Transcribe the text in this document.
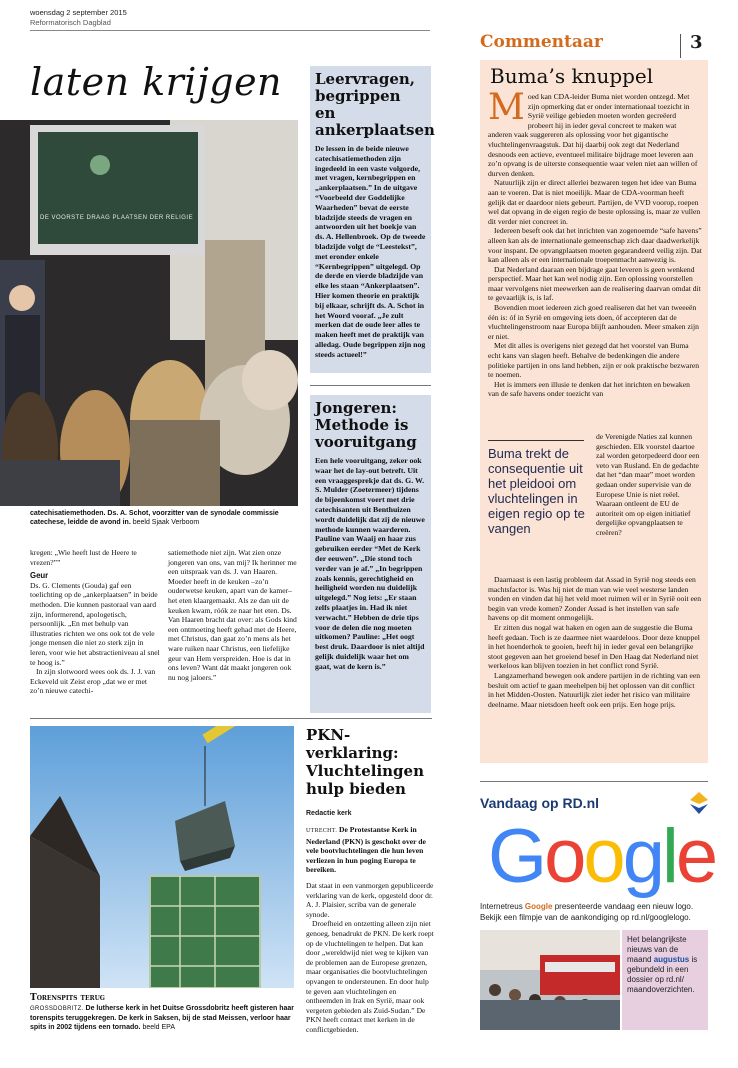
woensdag 2 september 2015
Reformatorisch Dagblad
laten krijgen
DE VOORSTE DRAAG PLAATSEN DER RELIGIE
catechisatiemethoden. Ds. A. Schot, voorzitter van de synodale commissie catechese, leidde de avond in. beeld Sjaak Verboom

kregen: „Wie heeft lust de Heere te vrezen?””

Geur

Ds. G. Clements (Gouda) gaf een toelichting op de „ankerplaatsen” in beide methoden. Die kunnen pastoraal van aard zijn, informerend, apologetisch, persoonlijk. „En met behulp van illustraties richten we ons ook tot de vele jonge mensen die niet zo sterk zijn in leren, voor wie het abstractieniveau al snel te hoog is.”

In zijn slotwoord wees ook ds. J. J. van Eckeveld uit Zeist erop „dat we er met zo’n nieuwe catechi-

satiemethode niet zijn. Wat zien onze jongeren van ons, van mij? Ik herinner me een uitspraak van ds. J. van Haaren. Moeder heeft in de keuken –zo’n ouderwetse keuken, apart van de kamer– het eten klaargemaakt. Als ze dan uit de keuken kwam, róók ze naar het eten. Ds. Van Haaren bracht dat over: als Gods kind een ontmoeting heeft gehad met de Heere, met Christus, dan gaat zo’n mens als het ware ruiken naar Christus, een liefelijke geur van Hem verspreiden. Hoe is dat in ons leven? Want dát maakt jongeren ook nu nog jaloers.”

Leervragen, begrippen en ankerplaatsen
De lessen in de beide nieuwe catechisatiemethoden zijn ingedeeld in een vaste volgorde, met vragen, kernbegrippen en „ankerplaatsen.” In de uitgave “Voorbeeld der Goddelijke Waarheden” bevat de eerste bladzijde steeds de vragen en antwoorden uit het boekje van ds. A. Hellenbroek. Op de tweede bladzijde volgt de “Leestekst”, met eronder enkele “Kernbegrippen” uitgelegd. Op de derde en vierde bladzijde van elke les staan “Ankerplaatsen”. Hier komen theorie en praktijk bij elkaar, schrijft ds. A. Schot in het Woord vooraf. „Je zult merken dat de oude leer alles te maken heeft met de praktijk van alledag. Oude begrippen zijn nog steeds actueel!”
Jongeren: Methode is vooruitgang
Een hele vooruitgang, zeker ook waar het de lay-out betreft. Uit een vraaggesprekje dat ds. G. W. S. Mulder (Zoetermeer) tijdens de bijeenkomst voert met drie catechisanten uit Benthuizen wordt duidelijk dat zij de nieuwe methode kunnen waarderen. Pauline van Waaij en haar zus gebruiken eerder “Met de Kerk der eeuwen”. „Die stond toch verder van je af.” „In begrippen zoals kennis, gerechtigheid en heiligheid worden nu duidelijk uitgelegd.” Nog iets: „Er staan zelfs plaatjes in. Had ik niet verwacht.” Hebben de drie tips voor de delen die nog moeten uitkomen? Pauline: „Het oogt best druk. Daardoor is niet altijd gelijk duidelijk waar het om gaat, wat de kern is.”
Torenspits terug
GROSSDOBRITZ. De lutherse kerk in het Duitse Grossdobritz heeft gisteren haar torenspits teruggekregen. De kerk in Saksen, bij de stad Meissen, verloor haar spits in 2002 tijdens een tornado. beeld EPA
PKN-verklaring: Vluchtelingen hulp bieden
Redactie kerk
UTRECHT. De Protestantse Kerk in Nederland (PKN) is geschokt over de vele bootvluchtelingen die hun leven verliezen in hun poging Europa te bereiken.

Dat staat in een vanmorgen gepubliceerde verklaring van de kerk, opgesteld door dr. A. J. Plaisier, scriba van de generale synode.

Droefheid en ontzetting alleen zijn niet genoeg, benadrukt de PKN. De kerk roept op de vluchtelingen te helpen. Dat kan door „wereldwijd niet weg te kijken van de problemen aan de Europese grenzen, maar organisaties die bootvluchtelingen opvangen te ondersteunen. En door hulp te geven aan vluchtelingen en ontheemden in Irak en Syrië, maar ook vergeten gebieden als Zuid-Sudan.” De PKN heeft contact met kerken in de conflictgebieden.

Commentaar	3
Buma’s knuppel
M oed kan CDA-leider Buma niet worden ontzegd. Met zijn opmerking dat er onder internationaal toezicht in Syrië veilige gebieden moeten worden gecreëerd probeert hij in ieder geval concreet te maken wat anderen vaak suggereren als oplossing voor het gigantische vluchtelingenvraagstuk. Dat hij daarbij ook zegt dat Nederland desnoods een actieve, eventueel militaire bijdrage moet leveren aan zo’n opvang is de uiterste consequentie waar velen niet aan willen of durven denken.

Natuurlijk zijn er direct allerlei bezwaren tegen het idee van Buma aan te voeren. Dat is niet moeilijk. Maar de CDA-voorman heeft gelijk dat er daardoor niets gebeurt. Partijen, de VVD voorop, roepen wel dat opvang in de eigen regio de beste oplossing is, maar ze vullen dit verder niet concreet in.

Iedereen beseft ook dat het inrichten van zogenoemde “safe havens” alleen kan als de internationale gemeenschap zich daar daadwerkelijk voor inspant. De opvangplaatsen moeten gegarandeerd veilig zijn. Dat kan alleen als er een internationale troepenmacht aanwezig is.

Dat Nederland daaraan een bijdrage gaat leveren is geen wenkend perspectief. Maar het kan wel nodig zijn. Een oplossing voorstellen maar vervolgens niet meewerken aan de realisering daarvan omdat dit te gevaarlijk is, is laf.

Bovendien moet iedereen zich goed realiseren dat het van tweeeën één is: óf in Syrië en omgeving iets doen, óf accepteren dat de vluchtelingenstroom naar Europa blijft aanhouden. Meer smaken zijn er niet.

Met dit alles is overigens niet gezegd dat het voorstel van Buma echt kans van slagen heeft. Behalve de bedenkingen die andere politieke partijen in ons land hebben, zijn er ook praktische bezwaren te noemen.

Het is immers een illusie te denken dat het inrichten en bewaken van de safe havens onder toezicht van

Buma trekt de consequentie uit het pleidooi om vluchtelingen in eigen regio op te vangen
de Verenigde Naties zal kunnen geschieden. Elk voorstel daartoe zal worden getorpedeerd door een veto van Rusland. En de gedachte dat het “dan maar” moet worden gedaan onder supervisie van de Europese Unie is niet reëel. Waaraan ontleent de EU de autoriteit om op eigen initiatief dergelijke opvangplaatsen te creëren?

Daarnaast is een lastig probleem dat Assad in Syrië nog steeds een machtsfactor is. Was hij niet de man van wie veel westerse landen vonden en vinden dat hij het veld moet ruimen wil er in Syrië ooit een begin van vrede komen? Zonder Assad is het instellen van safe havens op dit moment onmogelijk.

Er zitten dus nogal wat haken en ogen aan de suggestie die Buma heeft gedaan. Toch is ze daarmee niet waardeloos. Door deze knuppel in het hoenderhok te gooien, heeft hij in ieder geval een belangrijke stoot gegeven aan het groeiend besef in Den Haag dat Nederland niet werkeloos kan blijven toezien in het conflict rond Syrië.

Langzamerhand bewegen ook andere partijen in de richting van een besluit om actief te gaan meehelpen bij het oplossen van dit conflict in het Midden-Oosten. Natuurlijk ziet ieder het risico van militaire deelname. Maar nietsdoen heeft ook een prijs. Een hoge prijs.

Vandaag op RD.nl
Google
Internetreus Google presenteerde vandaag een nieuw logo. Bekijk een filmpje van de aankondiging op rd.nl/googlelogo.
Het belangrijkste nieuws van de maand augustus is gebundeld in een dossier op rd.nl/ maandoverzichten.
